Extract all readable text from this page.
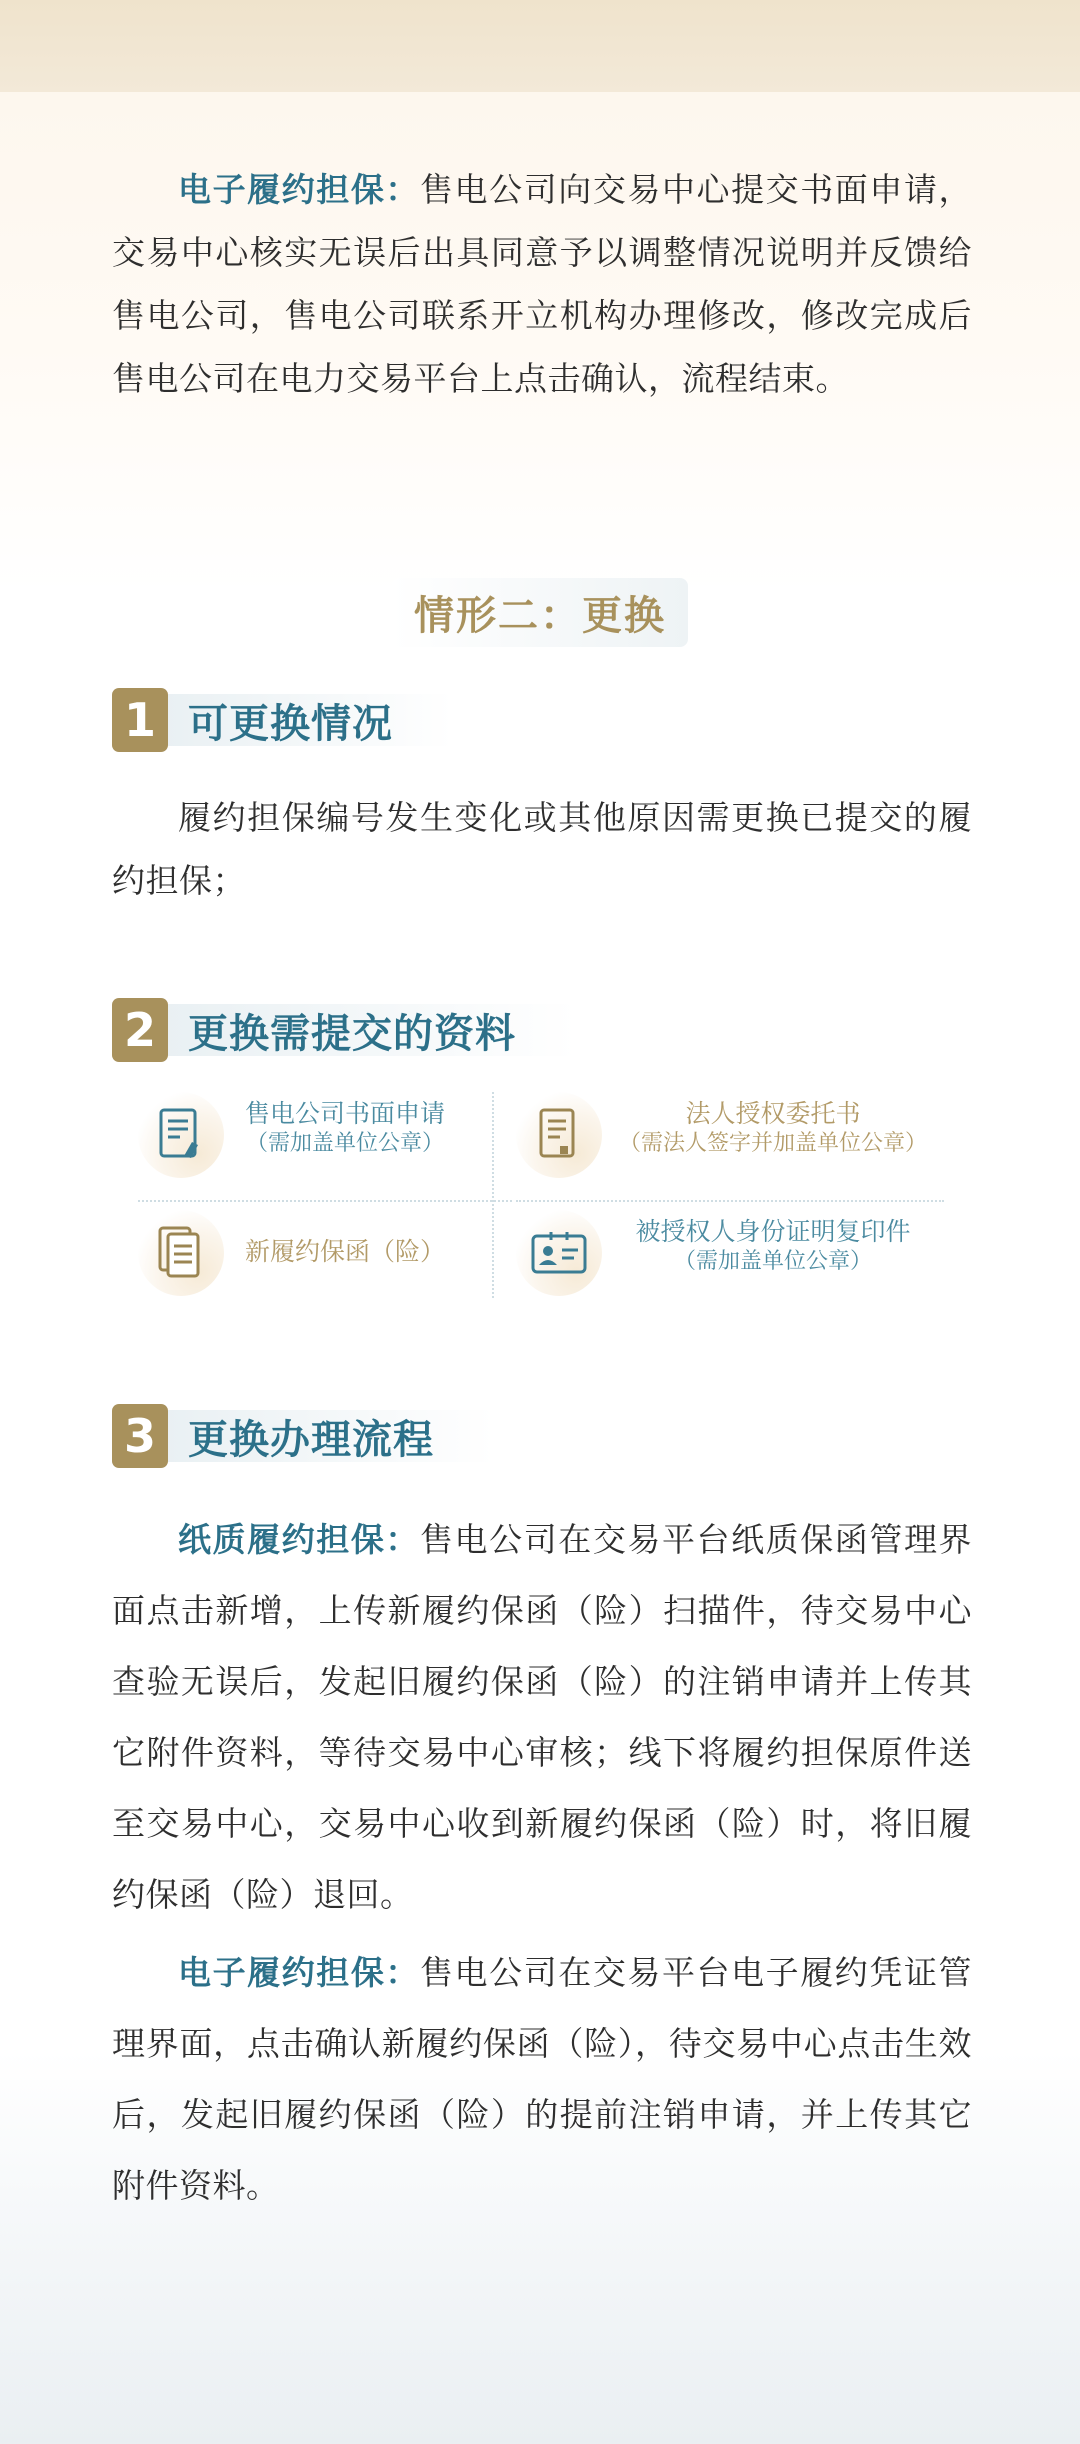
电子履约担保：售电公司向交易中心提交书面申请，交易中心核实无误后出具同意予以调整情况说明并反馈给售电公司，售电公司联系开立机构办理修改，修改完成后售电公司在电力交易平台上点击确认，流程结束。

情形二：更换
1 可更换情况

履约担保编号发生变化或其他原因需更换已提交的履约担保；

2 更换需提交的资料
售电公司书面申请
（需加盖单位公章）
法人授权委托书
（需法人签字并加盖单位公章）
新履约保函（险）
被授权人身份证明复印件
（需加盖单位公章）
3 更换办理流程

纸质履约担保：售电公司在交易平台纸质保函管理界面点击新增，上传新履约保函（险）扫描件，待交易中心查验无误后，发起旧履约保函（险）的注销申请并上传其它附件资料，等待交易中心审核；线下将履约担保原件送至交易中心，交易中心收到新履约保函（险）时，将旧履约保函（险）退回。

电子履约担保：售电公司在交易平台电子履约凭证管理界面，点击确认新履约保函（险），待交易中心点击生效后，发起旧履约保函（险）的提前注销申请，并上传其它附件资料。
